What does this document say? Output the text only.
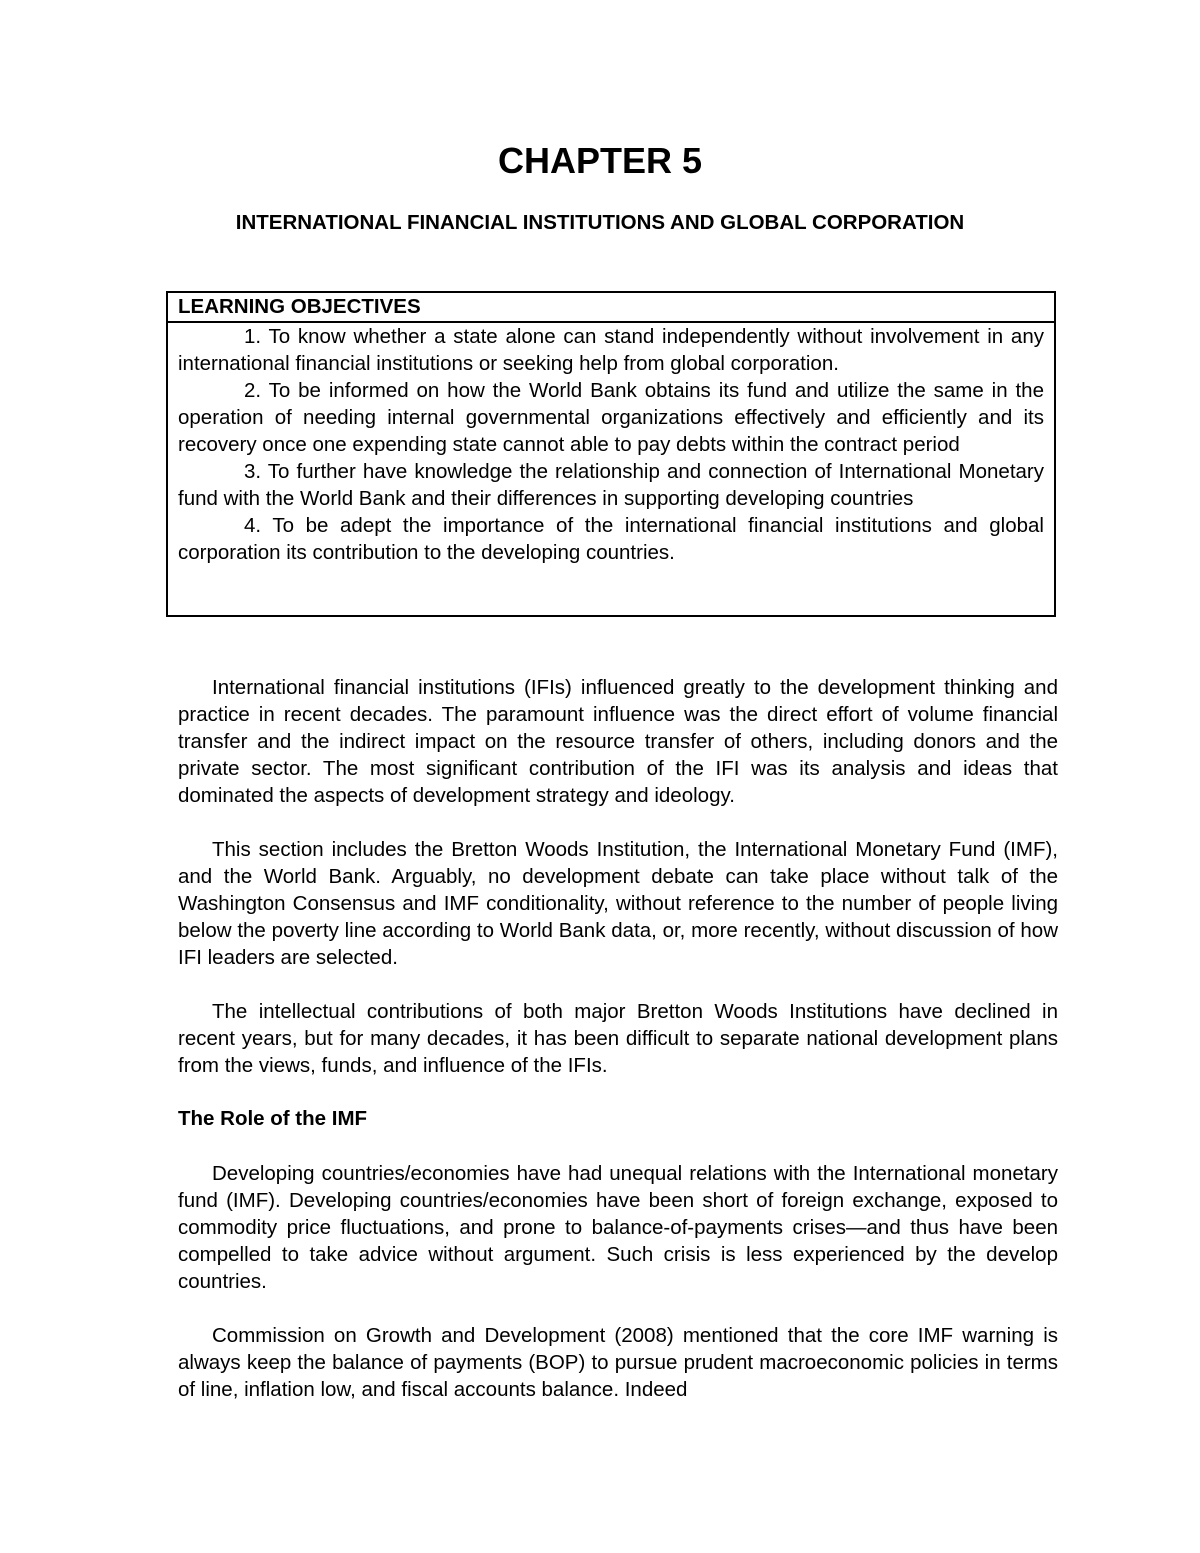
CHAPTER 5
INTERNATIONAL FINANCIAL INSTITUTIONS AND GLOBAL CORPORATION
LEARNING OBJECTIVES

1. To know whether a state alone can stand independently without involvement in any international financial institutions or seeking help from global corporation.

2. To be informed on how the World Bank obtains its fund and utilize the same in the operation of needing internal governmental organizations effectively and efficiently and its recovery once one expending state cannot able to pay debts within the contract period

3. To further have knowledge the relationship and connection of International Monetary fund with the World Bank and their differences in supporting developing countries

4. To be adept the importance of the international financial institutions and global corporation its contribution to the developing countries.

International financial institutions (IFIs) influenced greatly to the development thinking and practice in recent decades. The paramount influence was the direct effort of volume financial transfer and the indirect impact on the resource transfer of others, including donors and the private sector. The most significant contribution of the IFI was its analysis and ideas that dominated the aspects of development strategy and ideology.

This section includes the Bretton Woods Institution, the International Monetary Fund (IMF), and the World Bank. Arguably, no development debate can take place without talk of the Washington Consensus and IMF conditionality, without reference to the number of people living below the poverty line according to World Bank data, or, more recently, without discussion of how IFI leaders are selected.

The intellectual contributions of both major Bretton Woods Institutions have declined in recent years, but for many decades, it has been difficult to separate national development plans from the views, funds, and influence of the IFIs.

The Role of the IMF

Developing countries/economies have had unequal relations with the International monetary fund (IMF). Developing countries/economies have been short of foreign exchange, exposed to commodity price fluctuations, and prone to balance-of-payments crises—and thus have been compelled to take advice without argument. Such crisis is less experienced by the develop countries.

Commission on Growth and Development (2008) mentioned that the core IMF warning is always keep the balance of payments (BOP) to pursue prudent macroeconomic policies in terms of line, inflation low, and fiscal accounts balance. Indeed
